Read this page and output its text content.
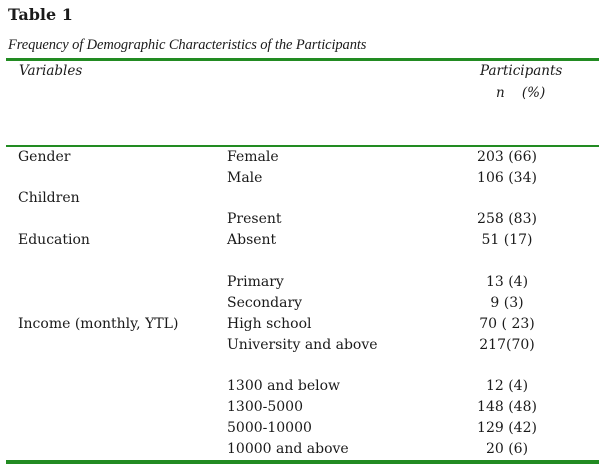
Table 1
Frequency of Demographic Characteristics of the Participants
Variables	Participants
n    (%)
Gender
Children
Education
Income (monthly, YTL)
Female
Male
Present
Absent
Primary
Secondary
High school
University and above
1300 and below
1300-5000
5000-10000
10000 and above
203 (66)
106 (34)
258 (83)
51 (17)
13 (4)
9 (3)
70 ( 23)
217(70)
12 (4)
148 (48)
129 (42)
20 (6)
